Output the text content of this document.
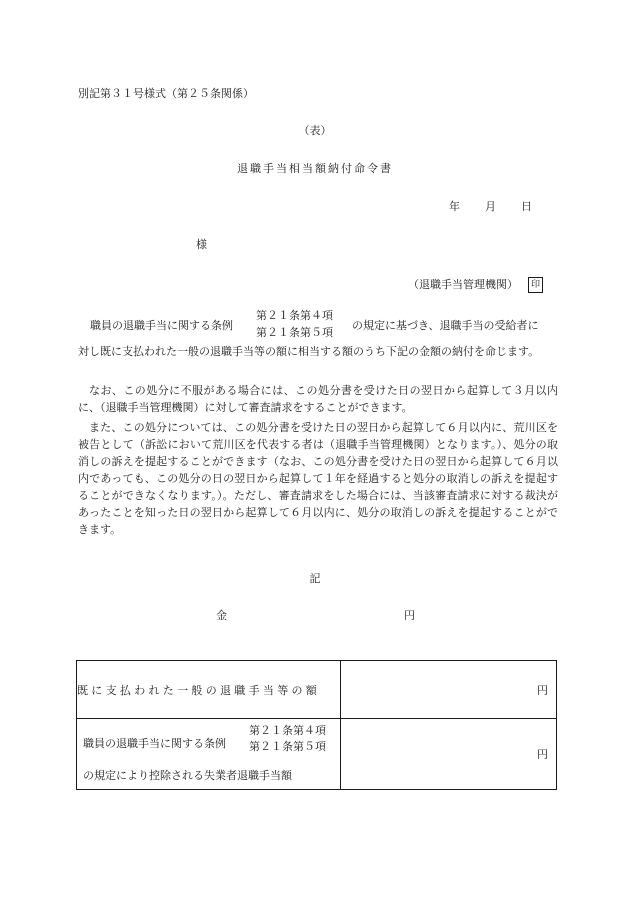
別記第３１号様式（第２５条関係）
（表）
退職手当相当額納付命令書
年 月 日
様
（退職手当管理機関） 印
職員の退職手当に関する条例
第２１条第４項
第２１条第５項
の規定に基づき、退職手当の受給者に
対し既に支払われた一般の退職手当等の額に相当する額のうち下記の金額の納付を命じます。
なお、この処分に不服がある場合には、この処分書を受けた日の翌日から起算して３月以内に、（退職手当管理機関）に対して審査請求をすることができます。
また、この処分については、この処分書を受けた日の翌日から起算して６月以内に、荒川区を被告として（訴訟において荒川区を代表する者は（退職手当管理機関）となります。）、処分の取消しの訴えを提起することができます（なお、この処分書を受けた日の翌日から起算して６月以内であっても、この処分の日の翌日から起算して１年を経過すると処分の取消しの訴えを提起することができなくなります。）。ただし、審査請求をした場合には、当該審査請求に対する裁決があったことを知った日の翌日から起算して６月以内に、処分の取消しの訴えを提起することができます。
記
金	円
既に支払われた一般の退職手当等の額	円

職員の退職手当に関する条例
第２１条第４項
第２１条第５項
の規定により控除される失業者退職手当額	円
